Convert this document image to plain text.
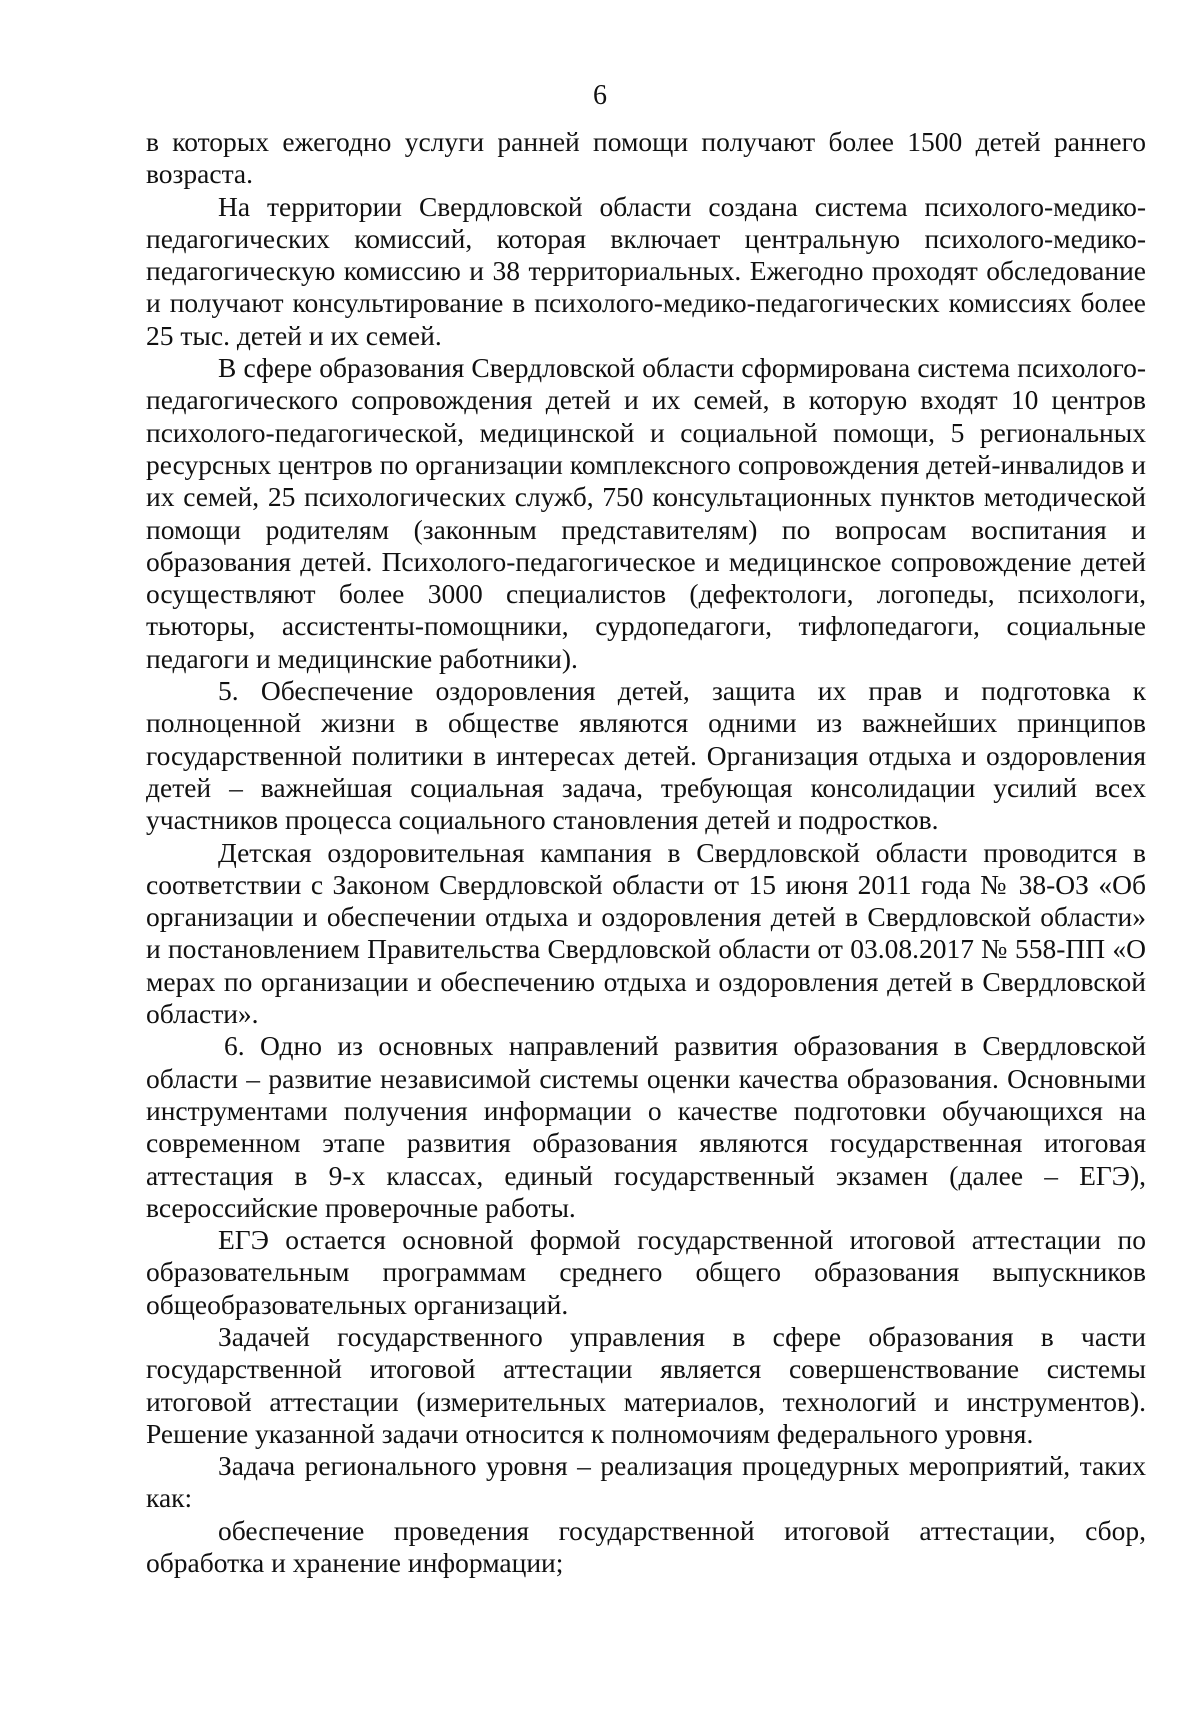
6

в которых ежегодно услуги ранней помощи получают более 1500 детей раннего возраста.

На территории Свердловской области создана система психолого-медико-педагогических комиссий, которая включает центральную психолого-медико-педагогическую комиссию и 38 территориальных. Ежегодно проходят обследование и получают консультирование в психолого-медико-педагогических комиссиях более 25 тыс. детей и их семей.

В сфере образования Свердловской области сформирована система психолого-педагогического сопровождения детей и их семей, в которую входят 10 центров психолого-педагогической, медицинской и социальной помощи, 5 региональных ресурсных центров по организации комплексного сопровождения детей-инвалидов и их семей, 25 психологических служб, 750 консультационных пунктов методической помощи родителям (законным представителям) по вопросам воспитания и образования детей. Психолого-педагогическое и медицинское сопровождение детей осуществляют более 3000 специалистов (дефектологи, логопеды, психологи, тьюторы, ассистенты-помощники, сурдопедагоги, тифлопедагоги, социальные педагоги и медицинские работники).

5. Обеспечение оздоровления детей, защита их прав и подготовка к полноценной жизни в обществе являются одними из важнейших принципов государственной политики в интересах детей. Организация отдыха и оздоровления детей – важнейшая социальная задача, требующая консолидации усилий всех участников процесса социального становления детей и подростков.

Детская оздоровительная кампания в Свердловской области проводится в соответствии с Законом Свердловской области от 15 июня 2011 года № 38-ОЗ «Об организации и обеспечении отдыха и оздоровления детей в Свердловской области» и постановлением Правительства Свердловской области от 03.08.2017 № 558-ПП «О мерах по организации и обеспечению отдыха и оздоровления детей в Свердловской области».

6. Одно из основных направлений развития образования в Свердловской области – развитие независимой системы оценки качества образования. Основными инструментами получения информации о качестве подготовки обучающихся на современном этапе развития образования являются государственная итоговая аттестация в 9-х классах, единый государственный экзамен (далее – ЕГЭ), всероссийские проверочные работы.

ЕГЭ остается основной формой государственной итоговой аттестации по образовательным программам среднего общего образования выпускников общеобразовательных организаций.

Задачей государственного управления в сфере образования в части государственной итоговой аттестации является совершенствование системы итоговой аттестации (измерительных материалов, технологий и инструментов). Решение указанной задачи относится к полномочиям федерального уровня.

Задача регионального уровня – реализация процедурных мероприятий, таких как:

обеспечение проведения государственной итоговой аттестации, сбор, обработка и хранение информации;
